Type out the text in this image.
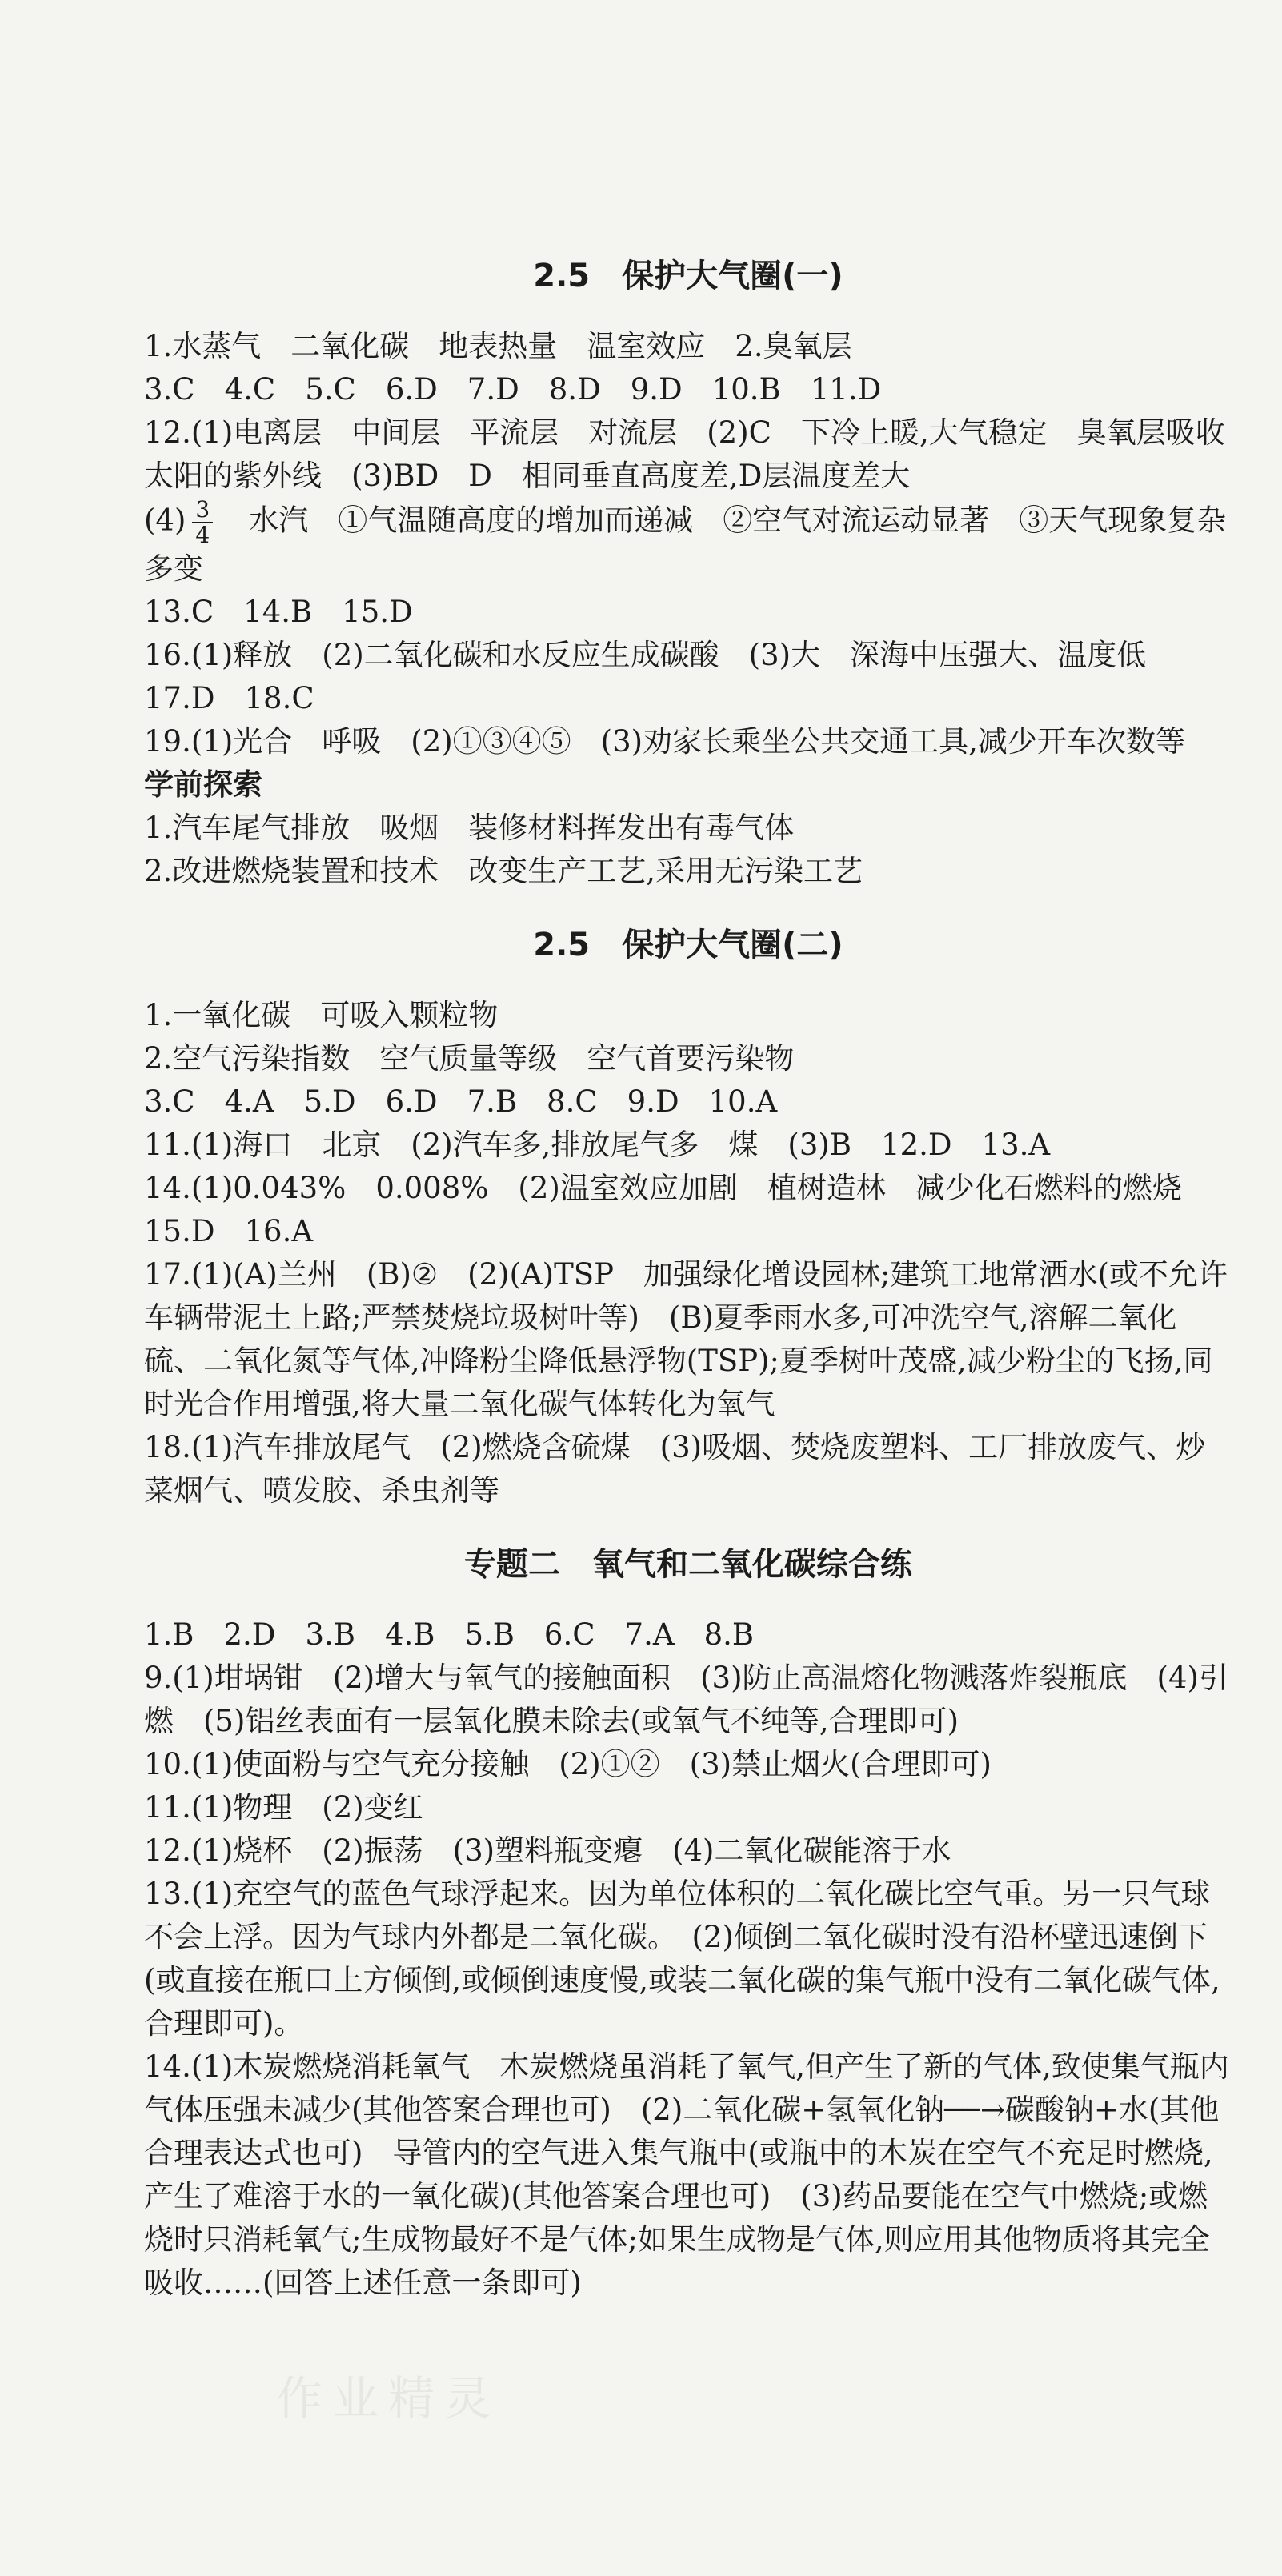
2.5　保护大气圈(一)

1.水蒸气　二氧化碳　地表热量　温室效应　2.臭氧层

3.C　4.C　5.C　6.D　7.D　8.D　9.D　10.B　11.D

12.(1)电离层　中间层　平流层　对流层　(2)C　下冷上暖,大气稳定　臭氧层吸收太阳的紫外线　(3)BD　D　相同垂直高度差,D层温度差大

$(4) \frac{3}{4}$ 　水汽　①气温随高度的增加而递减　②空气对流运动显著　③天气现象复杂多变

13.C　14.B　15.D

16.(1)释放　(2)二氧化碳和水反应生成碳酸　(3)大　深海中压强大、温度低

17.D　18.C

19.(1)光合　呼吸　(2)①③④⑤　(3)劝家长乘坐公共交通工具,减少开车次数等

学前探索

1.汽车尾气排放　吸烟　装修材料挥发出有毒气体

2.改进燃烧装置和技术　改变生产工艺,采用无污染工艺

2.5　保护大气圈(二)

1.一氧化碳　可吸入颗粒物

2.空气污染指数　空气质量等级　空气首要污染物

3.C　4.A　5.D　6.D　7.B　8.C　9.D　10.A

11.(1)海口　北京　(2)汽车多,排放尾气多　煤　(3)B　12.D　13.A

14.(1)0.043%　0.008%　(2)温室效应加剧　植树造林　减少化石燃料的燃烧

15.D　16.A

17.(1)(A)兰州　(B)②　(2)(A)TSP　加强绿化增设园林;建筑工地常洒水(或不允许车辆带泥土上路;严禁焚烧垃圾树叶等)　(B)夏季雨水多,可冲洗空气,溶解二氧化硫、二氧化氮等气体,冲降粉尘降低悬浮物(TSP);夏季树叶茂盛,减少粉尘的飞扬,同时光合作用增强,将大量二氧化碳气体转化为氧气

18.(1)汽车排放尾气　(2)燃烧含硫煤　(3)吸烟、焚烧废塑料、工厂排放废气、炒菜烟气、喷发胶、杀虫剂等

专题二　氧气和二氧化碳综合练

1.B　2.D　3.B　4.B　5.B　6.C　7.A　8.B

9.(1)坩埚钳　(2)增大与氧气的接触面积　(3)防止高温熔化物溅落炸裂瓶底　(4)引燃　(5)铝丝表面有一层氧化膜未除去(或氧气不纯等,合理即可)

10.(1)使面粉与空气充分接触　(2)①②　(3)禁止烟火(合理即可)

11.(1)物理　(2)变红

12.(1)烧杯　(2)振荡　(3)塑料瓶变瘪　(4)二氧化碳能溶于水

13.(1)充空气的蓝色气球浮起来。因为单位体积的二氧化碳比空气重。另一只气球不会上浮。因为气球内外都是二氧化碳。　(2)倾倒二氧化碳时没有沿杯壁迅速倒下(或直接在瓶口上方倾倒,或倾倒速度慢,或装二氧化碳的集气瓶中没有二氧化碳气体,合理即可)。

14.(1)木炭燃烧消耗氧气　木炭燃烧虽消耗了氧气,但产生了新的气体,致使集气瓶内气体压强未减少(其他答案合理也可)　(2)二氧化碳+氢氧化钠──→碳酸钠+水(其他合理表达式也可)　导管内的空气进入集气瓶中(或瓶中的木炭在空气不充足时燃烧,产生了难溶于水的一氧化碳)(其他答案合理也可)　(3)药品要能在空气中燃烧;或燃烧时只消耗氧气;生成物最好不是气体;如果生成物是气体,则应用其他物质将其完全吸收……(回答上述任意一条即可)

作业精灵
